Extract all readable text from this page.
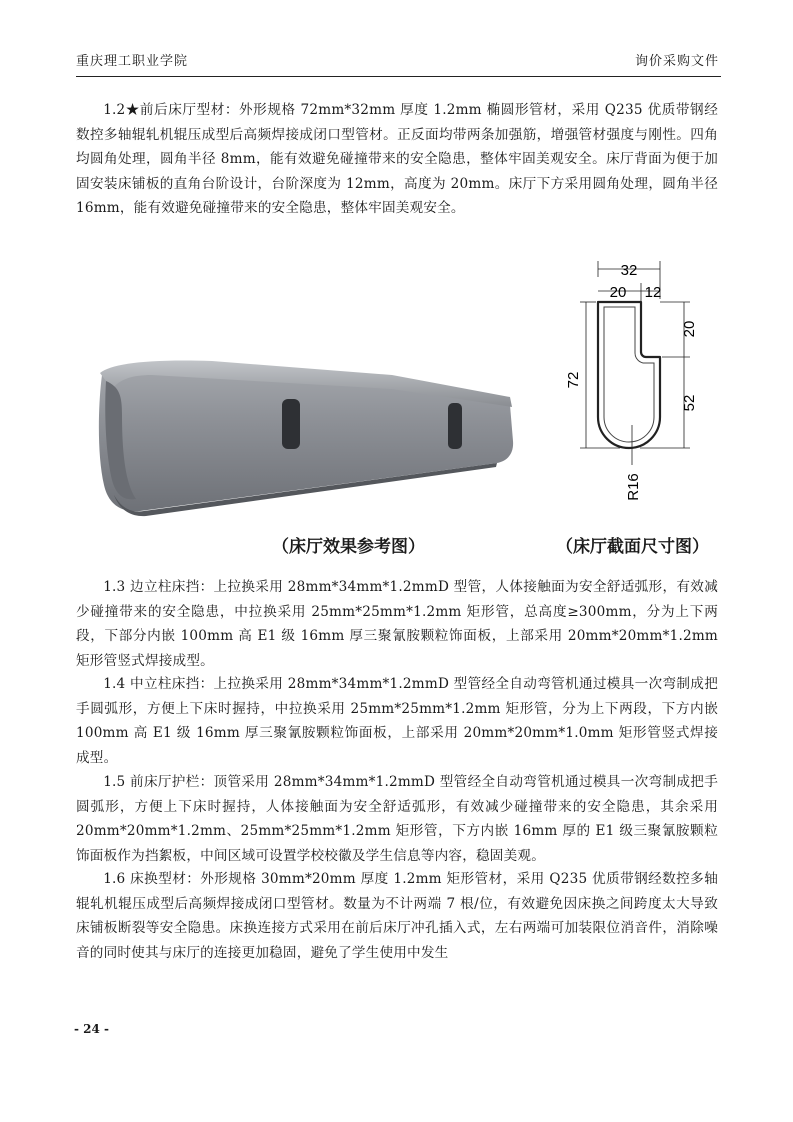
重庆理工职业学院	询价采购文件

1.2★前后床厅型材：外形规格 72mm*32mm 厚度 1.2mm 椭圆形管材，采用 Q235 优质带钢经数控多轴辊轧机辊压成型后高频焊接成闭口型管材。正反面均带两条加强筋，增强管材强度与刚性。四角均圆角处理，圆角半径 8mm，能有效避免碰撞带来的安全隐患，整体牢固美观安全。床厅背面为便于加固安装床铺板的直角台阶设计，台阶深度为 12mm，高度为 20mm。床厅下方采用圆角处理，圆角半径 16mm，能有效避免碰撞带来的安全隐患，整体牢固美观安全。

32
20 12
72
20
52
R16
（床厅效果参考图）	（床厅截面尺寸图）

1.3 边立柱床挡：上拉换采用 28mm*34mm*1.2mmD 型管，人体接触面为安全舒适弧形，有效减少碰撞带来的安全隐患，中拉换采用 25mm*25mm*1.2mm 矩形管，总高度≥300mm，分为上下两段，下部分内嵌 100mm 高 E1 级 16mm 厚三聚氰胺颗粒饰面板，上部采用 20mm*20mm*1.2mm 矩形管竖式焊接成型。

1.4 中立柱床挡：上拉换采用 28mm*34mm*1.2mmD 型管经全自动弯管机通过模具一次弯制成把手圆弧形，方便上下床时握持，中拉换采用 25mm*25mm*1.2mm 矩形管，分为上下两段，下方内嵌 100mm 高 E1 级 16mm 厚三聚氰胺颗粒饰面板，上部采用 20mm*20mm*1.0mm 矩形管竖式焊接成型。

1.5 前床厅护栏：顶管采用 28mm*34mm*1.2mmD 型管经全自动弯管机通过模具一次弯制成把手圆弧形，方便上下床时握持，人体接触面为安全舒适弧形，有效减少碰撞带来的安全隐患，其余采用 20mm*20mm*1.2mm、25mm*25mm*1.2mm 矩形管，下方内嵌 16mm 厚的 E1 级三聚氰胺颗粒饰面板作为挡絮板，中间区域可设置学校校徽及学生信息等内容，稳固美观。

1.6 床换型材：外形规格 30mm*20mm 厚度 1.2mm 矩形管材，采用 Q235 优质带钢经数控多轴辊轧机辊压成型后高频焊接成闭口型管材。数量为不计两端 7 根/位，有效避免因床换之间跨度太大导致床铺板断裂等安全隐患。床换连接方式采用在前后床厅冲孔插入式，左右两端可加装限位消音件，消除噪音的同时使其与床厅的连接更加稳固，避免了学生使用中发生

- 24 -
